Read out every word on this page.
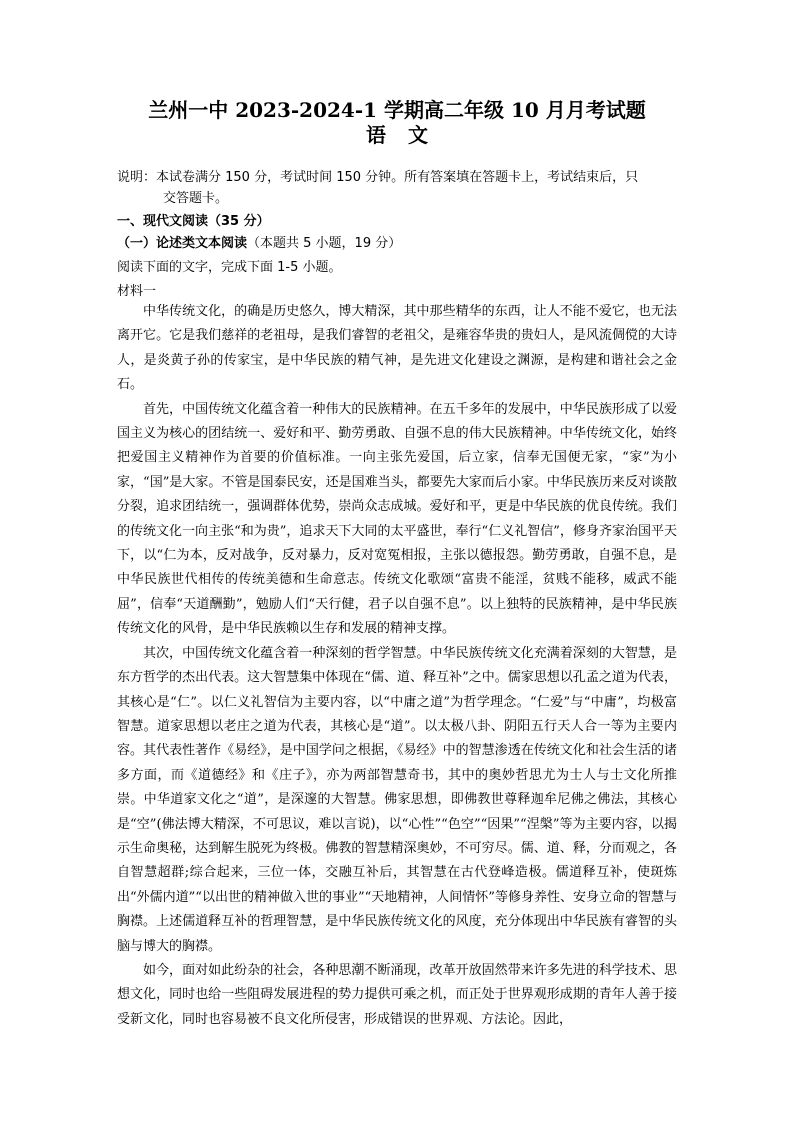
兰州一中 2023-2024-1 学期高二年级 10 月月考试题
语文
说明：本试卷满分 150 分，考试时间 150 分钟。所有答案填在答题卡上，考试结束后，只
交答题卡。
一、现代文阅读（35 分）
（一）论述类文本阅读（本题共 5 小题，19 分）
阅读下面的文字，完成下面 1-5 小题。
材料一

中华传统文化，的确是历史悠久，博大精深，其中那些精华的东西，让人不能不爱它，也无法离开它。它是我们慈祥的老祖母，是我们睿智的老祖父，是雍容华贵的贵妇人，是风流倜傥的大诗人，是炎黄子孙的传家宝，是中华民族的精气神，是先进文化建设之渊源，是构建和谐社会之金石。

首先，中国传统文化蕴含着一种伟大的民族精神。在五千多年的发展中，中华民族形成了以爱国主义为核心的团结统一、爱好和平、勤劳勇敢、自强不息的伟大民族精神。中华传统文化，始终把爱国主义精神作为首要的价值标准。一向主张先爱国，后立家，信奉无国便无家，“家”为小家，“国”是大家。不管是国泰民安，还是国难当头，都要先大家而后小家。中华民族历来反对谈散分裂，追求团结统一，强调群体优势，崇尚众志成城。爱好和平，更是中华民族的优良传统。我们的传统文化一向主张“和为贵”，追求天下大同的太平盛世，奉行“仁义礼智信”，修身齐家治国平天下，以“仁为本，反对战争，反对暴力，反对宽冤相报，主张以德报怨。勤劳勇敢，自强不息，是中华民族世代相传的传统美德和生命意志。传统文化歌颂“富贵不能淫，贫贱不能移，威武不能屈”，信奉“天道酬勤”，勉励人们“天行健，君子以自强不息”。以上独特的民族精神，是中华民族传统文化的风骨，是中华民族赖以生存和发展的精神支撑。

其次，中国传统文化蕴含着一种深刻的哲学智慧。中华民族传统文化充满着深刻的大智慧，是东方哲学的杰出代表。这大智慧集中体现在“儒、道、释互补”之中。儒家思想以孔孟之道为代表，其核心是“仁”。以仁义礼智信为主要内容，以“中庸之道”为哲学理念。“仁爱”与“中庸”，均极富智慧。道家思想以老庄之道为代表，其核心是“道”。以太极八卦、阴阳五行天人合一等为主要内容。其代表性著作《易经》，是中国学问之根据，《易经》中的智慧渗透在传统文化和社会生活的诸多方面，而《道德经》和《庄子》，亦为两部智慧奇书，其中的奥妙哲思尤为士人与士文化所推崇。中华道家文化之“道”，是深邃的大智慧。佛家思想，即佛教世尊释迦牟尼佛之佛法，其核心是“空”(佛法博大精深，不可思议，难以言说)，以“心性”“色空”“因果”“涅槃”等为主要内容，以揭示生命奥秘，达到解生脱死为终极。佛教的智慧精深奥妙，不可穷尽。儒、道、释，分而观之，各自智慧超群;综合起来，三位一体，交融互补后，其智慧在古代登峰造极。儒道释互补，使斑炼出“外儒内道”“以出世的精神做入世的事业”“天地精神，人间情怀”等修身养性、安身立命的智慧与胸襟。上述儒道释互补的哲理智慧，是中华民族传统文化的风度，充分体现出中华民族有睿智的头脑与博大的胸襟。

如今，面对如此纷杂的社会，各种思潮不断涌现，改革开放固然带来许多先进的科学技术、思想文化，同时也给一些阻碍发展进程的势力提供可乘之机，而正处于世界观形成期的青年人善于接受新文化，同时也容易被不良文化所侵害，形成错误的世界观、方法论。因此，
